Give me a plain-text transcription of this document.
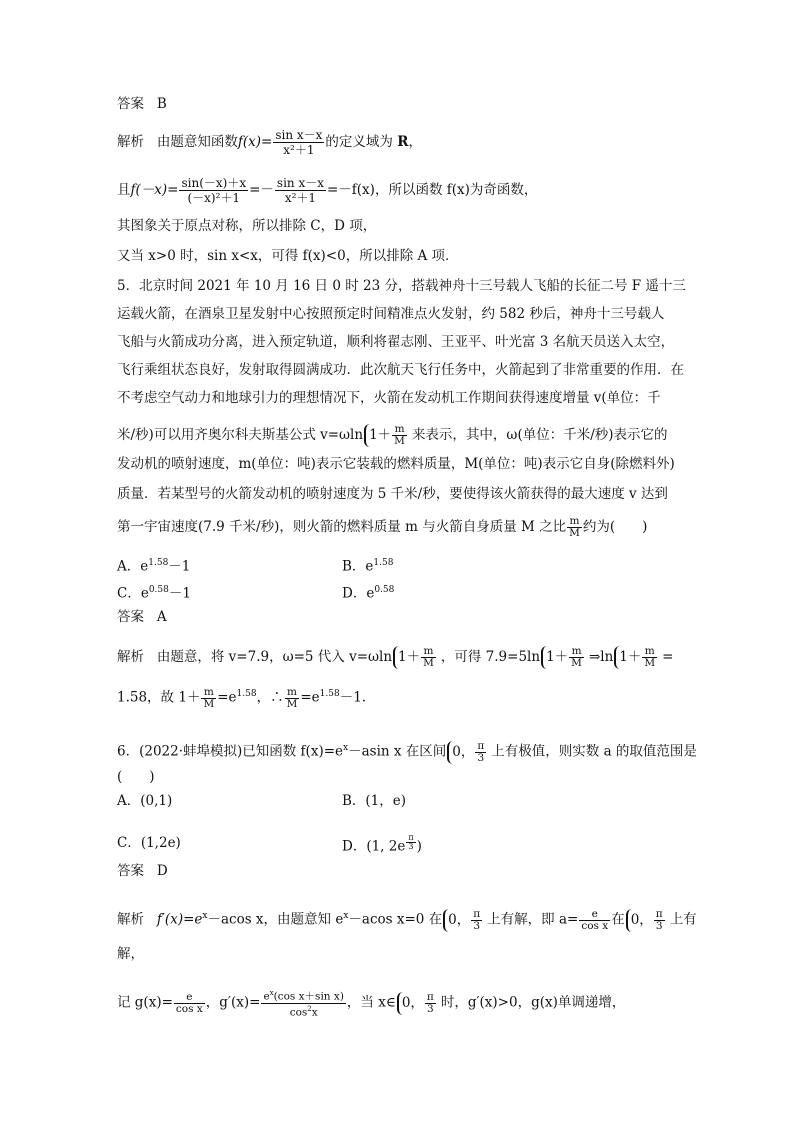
答案 B
解析 由题意知函数$f(x)= \frac{\text{sin x－x}}{\text{x²＋1}}$ 的定义域为 R，
且$f(-x)= \frac{\sin(-x)+x}{\text{(－x)²＋1}} =- \frac{\text{sin x－x}}{\text{x²＋1}} =-f(x)$，所以函数 f(x)为奇函数，
其图象关于原点对称，所以排除 C，D 项，
又当 x>0 时，sin x<x，可得 f(x)<0，所以排除 A 项．
5．北京时间 2021 年 10 月 16 日 0 时 23 分，搭载神舟十三号载人飞船的长征二号 F 遥十三
运载火箭，在酒泉卫星发射中心按照预定时间精准点火发射，约 582 秒后，神舟十三号载人
飞船与火箭成功分离，进入预定轨道，顺利将翟志刚、王亚平、叶光富 3 名航天员送入太空，
飞行乘组状态良好，发射取得圆满成功．此次航天飞行任务中，火箭起到了非常重要的作用．在
不考虑空气动力和地球引力的理想情况下，火箭在发动机工作期间获得速度增量 v(单位：千
米/秒)可以用齐奥尔科夫斯基公式 v=ωln $1+ \frac{m}{M}$ 来表示，其中，ω(单位：千米/秒)表示它的
发动机的喷射速度，m(单位：吨)表示它装载的燃料质量，M(单位：吨)表示它自身(除燃料外)
质量．若某型号的火箭发动机的喷射速度为 5 千米/秒，要使得该火箭获得的最大速度 v 达到
第一宇宙速度(7.9 千米/秒)，则火箭的燃料质量 m 与火箭自身质量 M 之比 $\frac{m}{M}$ 约为(　　)
A．$e^{1.58}-1$	B．$e^{1.58}$
C．$e^{0.58}-1$	D．$e^{0.58}$
答案 A
解析 由题意，将 v=7.9，ω=5 代入 v=ωln $1+ \frac{m}{M}$ ，可得 7.9=5ln $1+ \frac{m}{M}$ ⇒ln $1+ \frac{m}{M}$ =
1.58，故 $1+ \frac{m}{M} =e^{1.58}$，∴ $\frac{m}{M} =e^{1.58}-1$.
6．(2022·蚌埠模拟)已知函数 $f(x)=e^x-asin$ x 在区间 0， $\frac{\pi}{3}$ 上有极值，则实数 a 的取值范围是
(　　)
A．(0,1)	B．(1，e)
C．(1,2e)	D．(1, 2e $^{\frac{\pi}{3}}$ )
答案 D
解析 $f'(x)=e^x-acos$ x，由题意知 $e^x-acos$ x=0 在 0， $\frac{\pi}{3}$ 上有解，即 $a= \frac{e}{\text{cos x}}$ 在 0， $\frac{\pi}{3}$ 上有
解，
记 $g(x)= \frac{e}{\text{cos x}}$ ，$g'(x)= \frac{e^x(\cos x+\sin x)}{\cos^2x}$ ，当 x∈ 0， $\frac{\pi}{3}$ 时，g′(x)>0，g(x)单调递增，
